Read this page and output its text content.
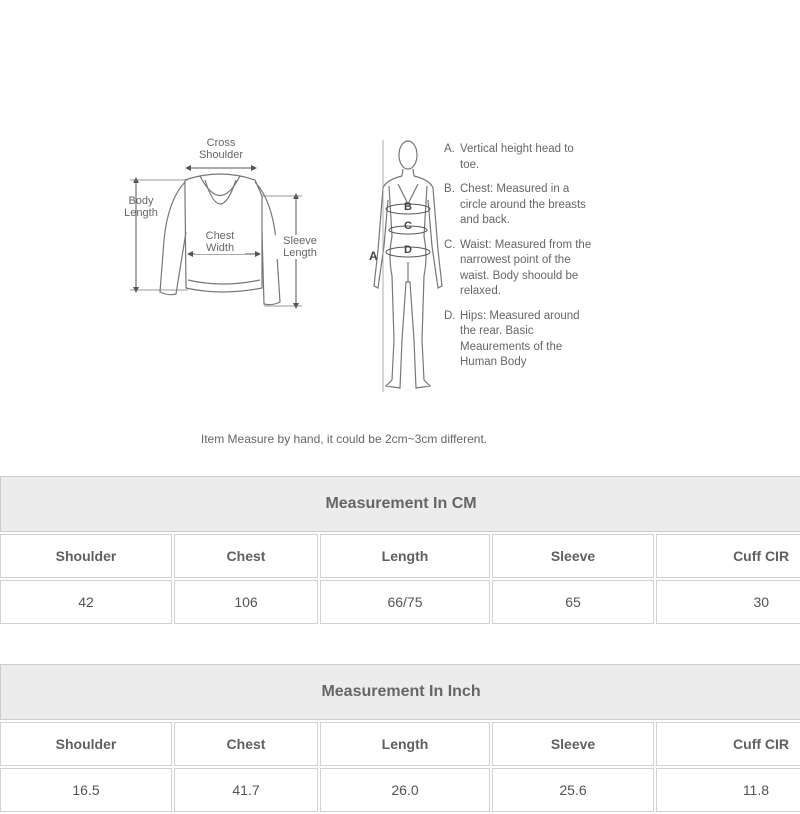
Cross
Shoulder
Body
Length
Chest
Width
Sleeve
Length	A
B
C
D
A. Vertical height head to toe.
B. Chest: Measured in a circle around the breasts and back.
C. Waist: Measured from the narrowest point of the waist. Body shoould be relaxed.
D. Hips: Measured around the rear. Basic Meaurements of the Human Body
Item Measure by hand, it could be 2cm~3cm different.
Measurement In CM				
Shoulder	Chest	Length	Sleeve	Cuff CIR
42	106	66/75	65	30
Measurement In Inch				
Shoulder	Chest	Length	Sleeve	Cuff CIR
16.5	41.7	26.0	25.6	11.8
